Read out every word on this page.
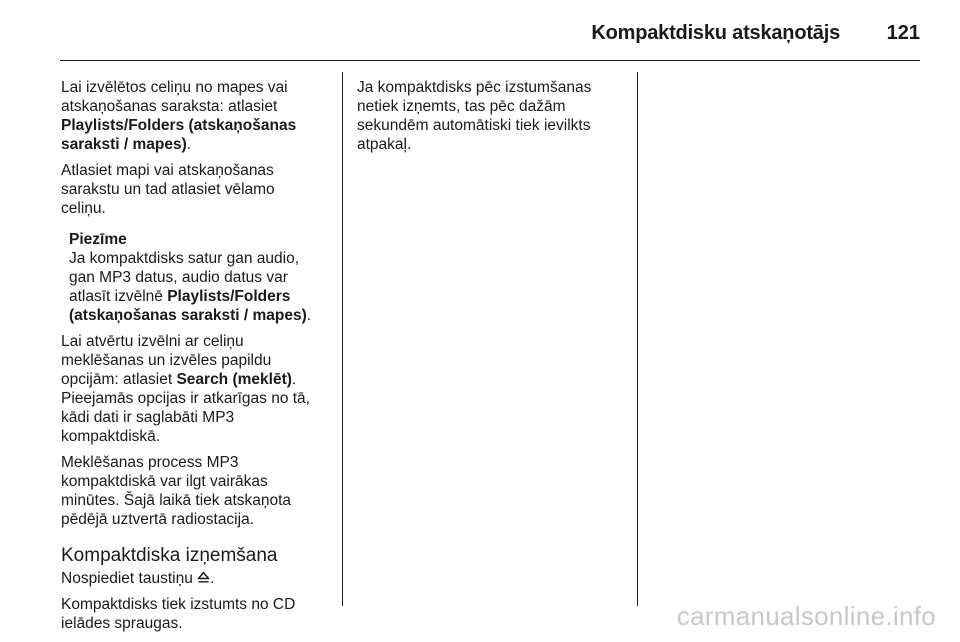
Kompaktdisku atskaņotājs 121

Lai izvēlētos celiņu no mapes vai
atskaņošanas saraksta: atlasiet
Playlists/Folders (atskaņošanas
saraksti / mapes).

Atlasiet mapi vai atskaņošanas
sarakstu un tad atlasiet vēlamo
celiņu.

Piezīme
Ja kompaktdisks satur gan audio,
gan MP3 datus, audio datus var
atlasīt izvēlnē Playlists/Folders
(atskaņošanas saraksti / mapes).

Lai atvērtu izvēlni ar celiņu
meklēšanas un izvēles papildu
opcijām: atlasiet Search (meklēt).
Pieejamās opcijas ir atkarīgas no tā,
kādi dati ir saglabāti MP3
kompaktdiskā.

Meklēšanas process MP3
kompaktdiskā var ilgt vairākas
minūtes. Šajā laikā tiek atskaņota
pēdējā uztvertā radiostacija.

Kompaktdiska izņemšana

Nospiediet taustiņu .

Kompaktdisks tiek izstumts no CD
ielādes spraugas.

Ja kompaktdisks pēc izstumšanas
netiek izņemts, tas pēc dažām
sekundēm automātiski tiek ievilkts
atpakaļ.

carmanualsonline.info
